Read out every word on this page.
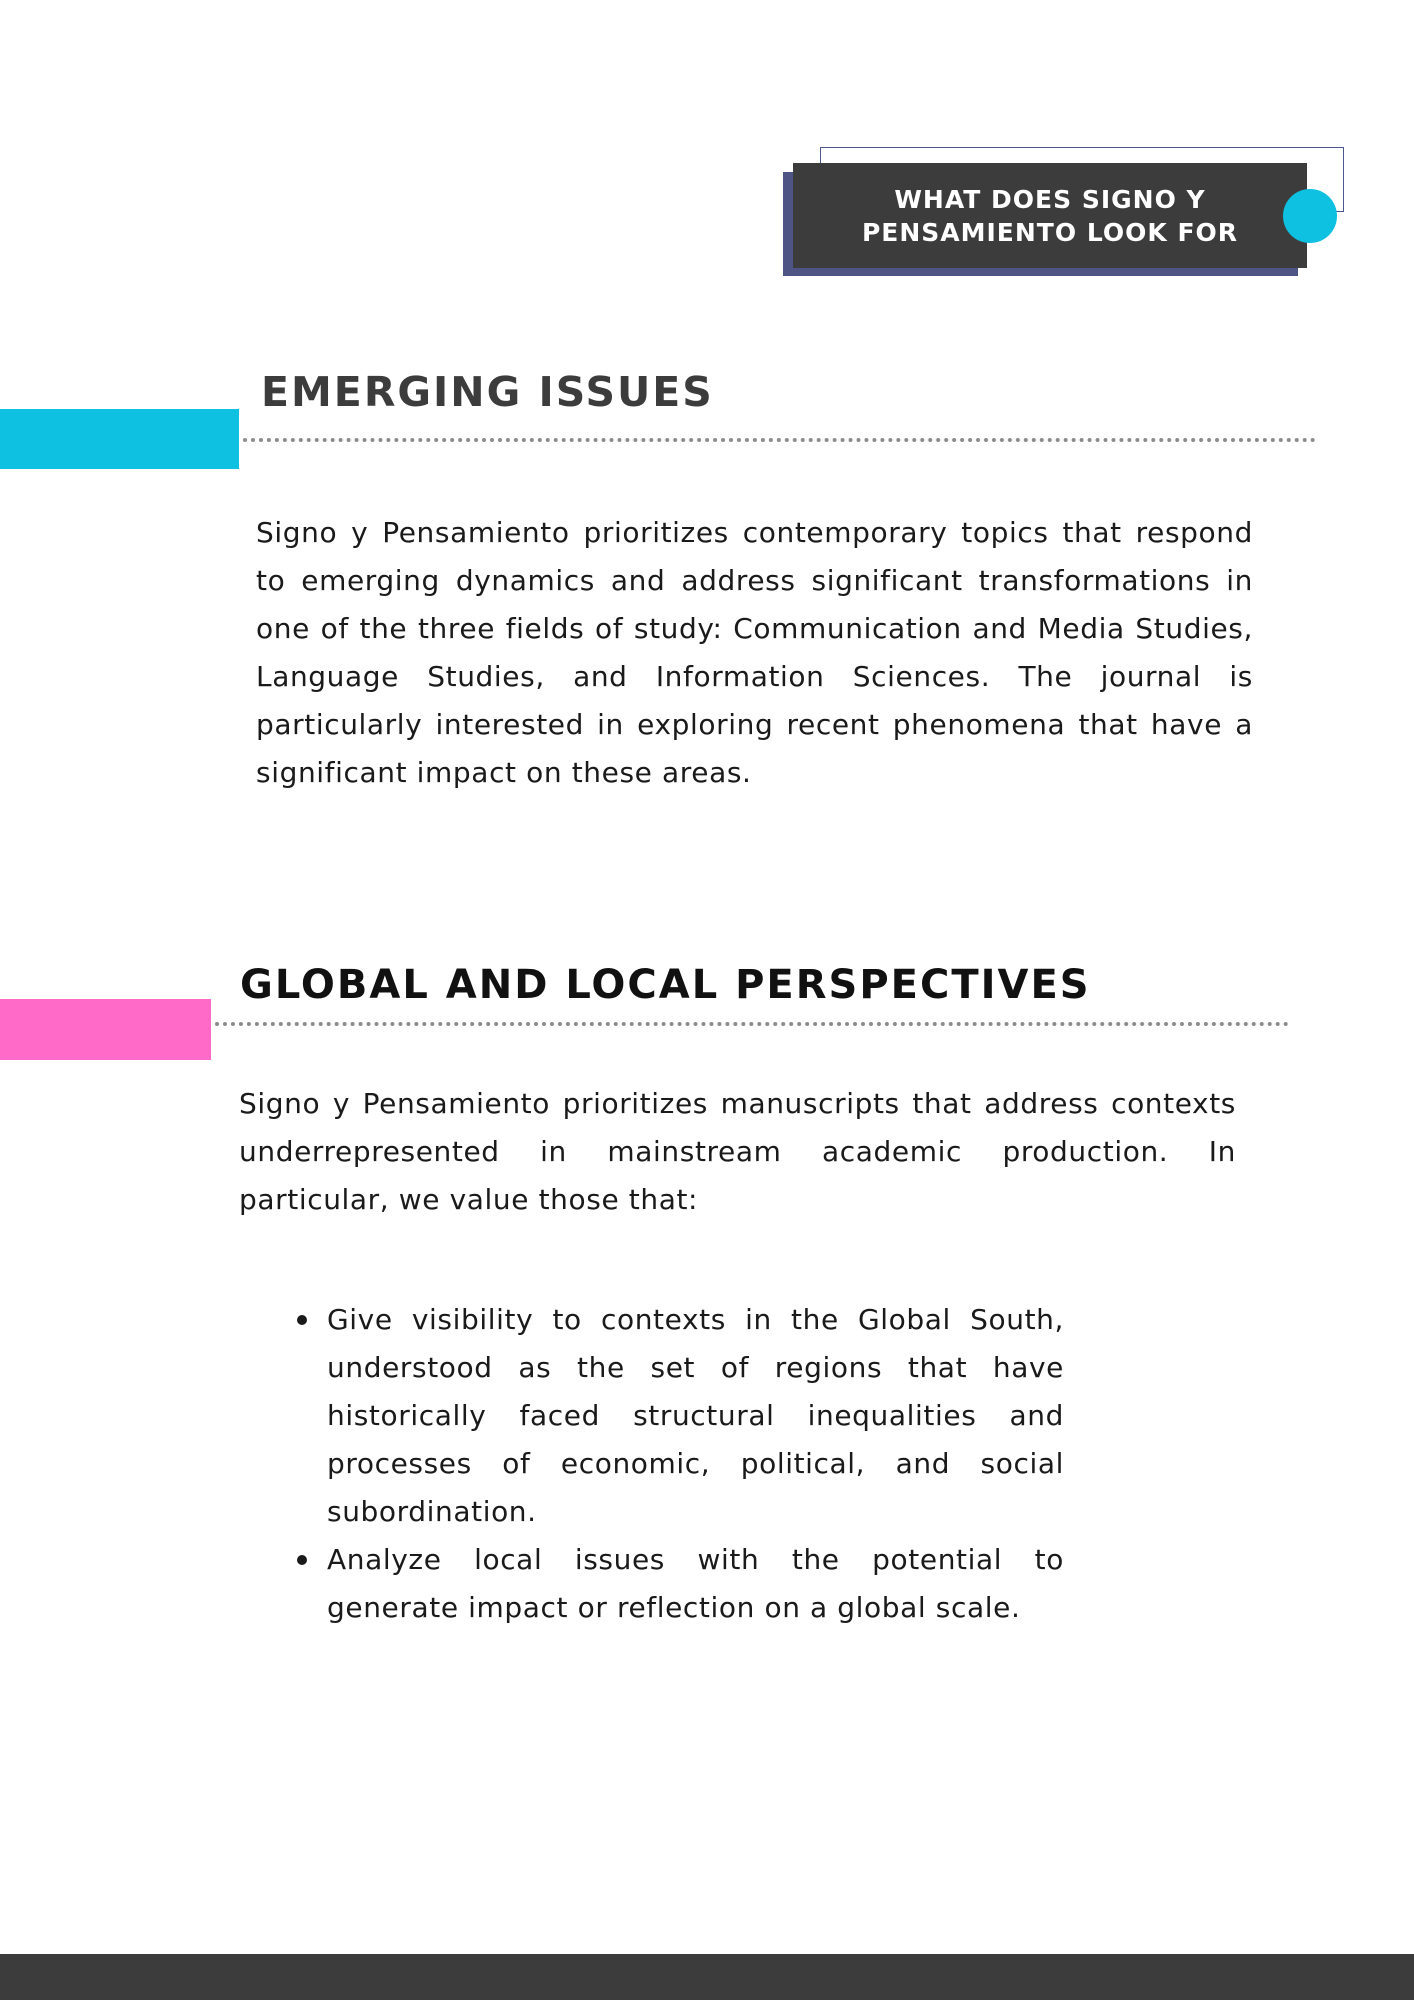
WHAT DOES SIGNO Y
PENSAMIENTO LOOK FOR
EMERGING ISSUES

Signo y Pensamiento prioritizes contemporary topics that respond to emerging dynamics and address significant transformations in one of the three fields of study: Communication and Media Studies, Language Studies, and Information Sciences. The journal is particularly interested in exploring recent phenomena that have a significant impact on these areas.

GLOBAL AND LOCAL PERSPECTIVES

Signo y Pensamiento prioritizes manuscripts that address contexts underrepresented in mainstream academic production. In particular, we value those that:

Give visibility to contexts in the Global South, understood as the set of regions that have historically faced structural inequalities and processes of economic, political, and social subordination.
Analyze local issues with the potential to generate impact or reflection on a global scale.
